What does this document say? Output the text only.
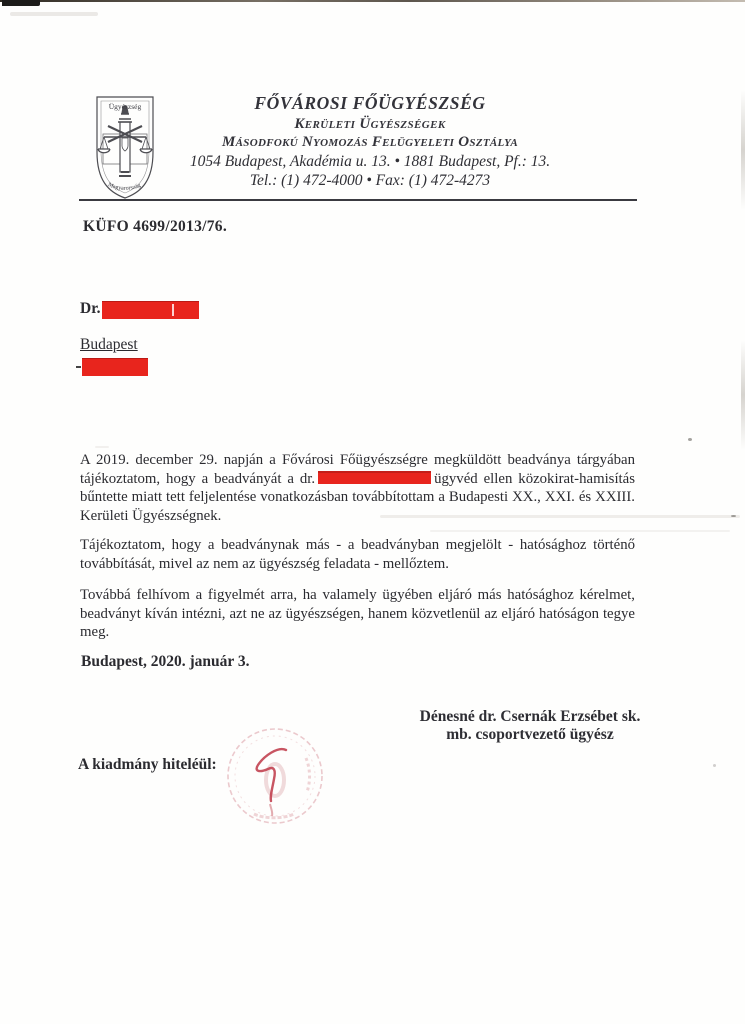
Ügyészség
Magyarország
FŐVÁROSI FŐÜGYÉSZSÉG
Kerületi Ügyészségek
Másodfokú Nyomozás Felügyeleti Osztálya
1054 Budapest, Akadémia u. 13. • 1881 Budapest, Pf.: 13.
Tel.: (1) 472-4000 • Fax: (1) 472-4273
KÜFO 4699/2013/76.
Dr.
Budapest
A 2019. december 29. napján a Fővárosi Főügyészségre megküldött beadványa tárgyában tájékoztatom, hogy a beadványát a dr.	ügyvéd ellen közokirat-hamisítás bűntette miatt tett feljelentése vonatkozásban továbbítottam a Budapesti XX., XXI. és XXIII. Kerületi Ügyészségnek.
Tájékoztatom, hogy a beadványnak más - a beadványban megjelölt - hatósághoz történő továbbítását, mivel az nem az ügyészség feladata - mellőztem.
Továbbá felhívom a figyelmét arra, ha valamely ügyében eljáró más hatósághoz kérelmet, beadványt kíván intézni, azt ne az ügyészségen, hanem közvetlenül az eljáró hatóságon tegye meg.
Budapest, 2020. január 3.
Dénesné dr. Csernák Erzsébet sk.
mb. csoportvezető ügyész
A kiadmány hiteléül:
